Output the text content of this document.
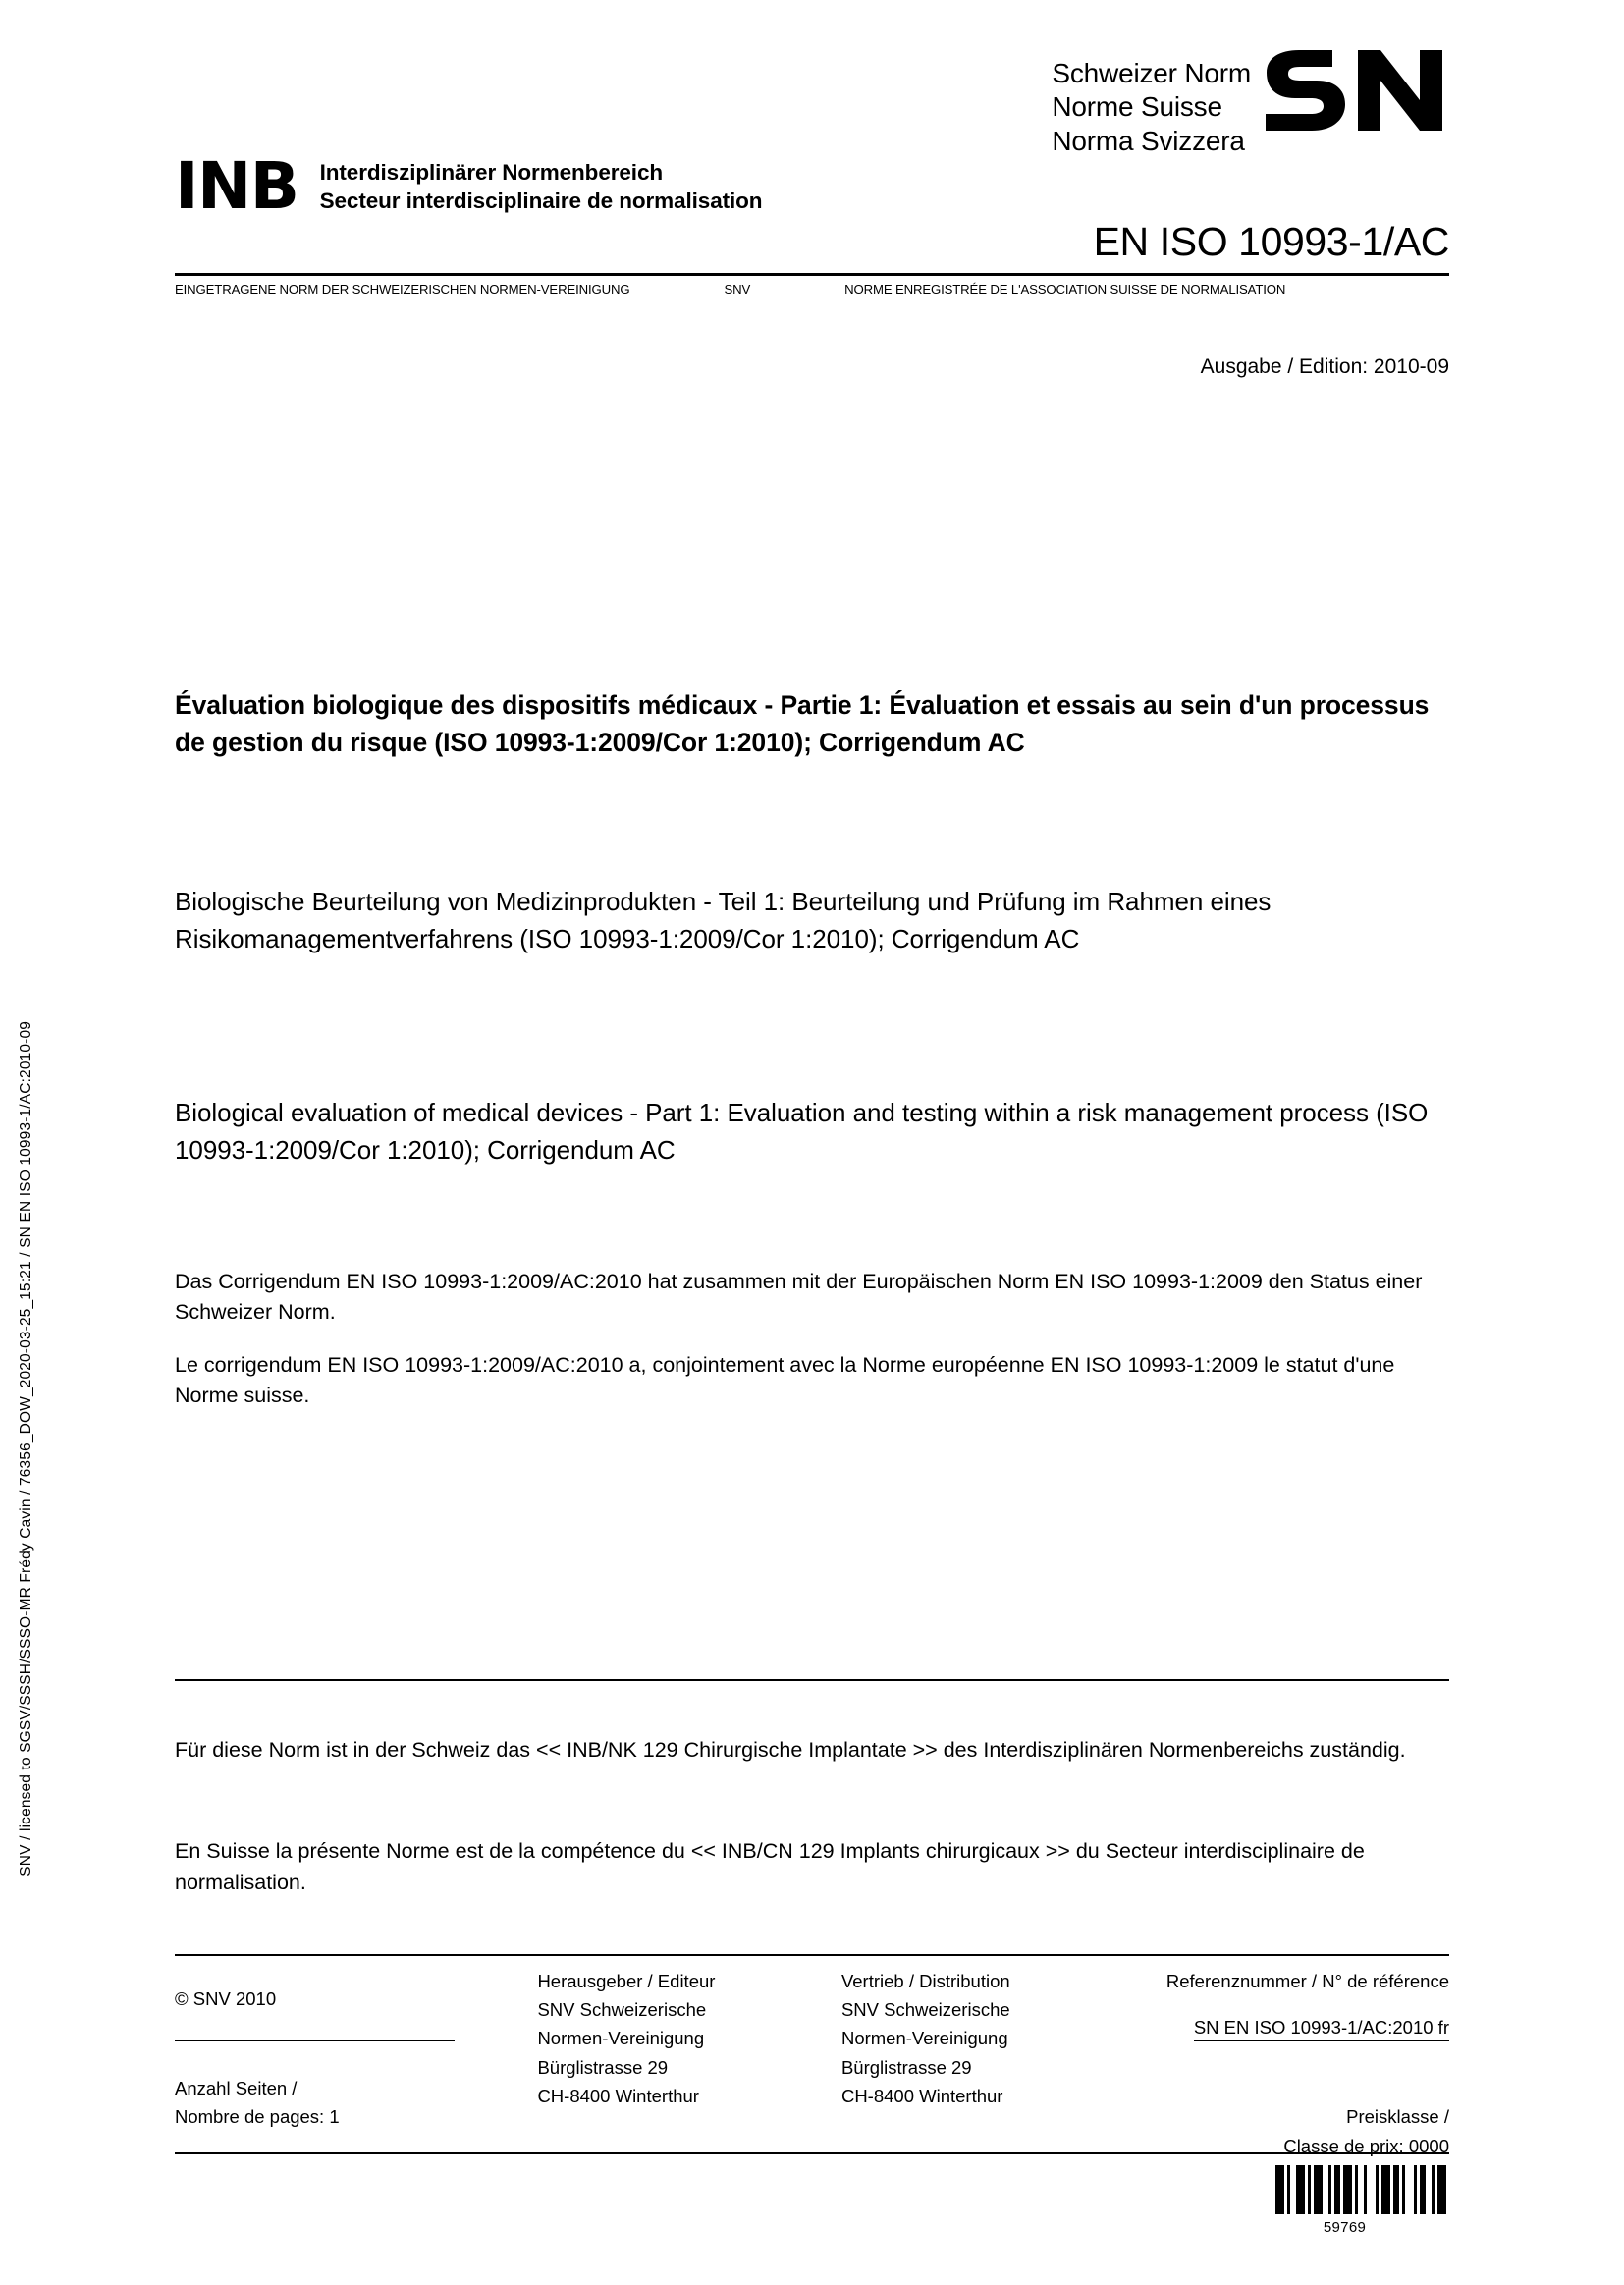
SNV / licensed to SGSV/SSSH/SSSO-MR Frédy Cavin / 76356_DOW_2020-03-25_15:21 / SN EN ISO 10993-1/AC:2010-09
Schweizer Norm
Norme Suisse
Norma Svizzera
INB Interdisziplinärer Normenbereich
Secteur interdisciplinaire de normalisation
EN ISO 10993-1/AC
EINGETRAGENE NORM DER SCHWEIZERISCHEN NORMEN-VEREINIGUNG	SNV	NORME ENREGISTRÉE DE L'ASSOCIATION SUISSE DE NORMALISATION
Ausgabe / Edition: 2010-09
Évaluation biologique des dispositifs médicaux - Partie 1: Évaluation et essais au sein d'un processus de gestion du risque (ISO 10993-1:2009/Cor 1:2010); Corrigendum AC
Biologische Beurteilung von Medizinprodukten - Teil 1: Beurteilung und Prüfung im Rahmen eines Risikomanagementverfahrens (ISO 10993-1:2009/Cor 1:2010); Corrigendum AC
Biological evaluation of medical devices - Part 1: Evaluation and testing within a risk management process (ISO 10993-1:2009/Cor 1:2010); Corrigendum AC
Das Corrigendum EN ISO 10993-1:2009/AC:2010 hat zusammen mit der Europäischen Norm EN ISO 10993-1:2009 den Status einer Schweizer Norm.
Le corrigendum EN ISO 10993-1:2009/AC:2010 a, conjointement avec la Norme européenne EN ISO 10993-1:2009 le statut d'une Norme suisse.
Für diese Norm ist in der Schweiz das << INB/NK 129 Chirurgische Implantate >> des Interdisziplinären Normenbereichs zuständig.
En Suisse la présente Norme est de la compétence du << INB/CN 129 Implants chirurgicaux >> du Secteur interdisciplinaire de normalisation.
© SNV 2010
Anzahl Seiten /
Nombre de pages: 1
Herausgeber / Editeur
SNV Schweizerische
Normen-Vereinigung
Bürglistrasse 29
CH-8400 Winterthur
Vertrieb / Distribution
SNV Schweizerische
Normen-Vereinigung
Bürglistrasse 29
CH-8400 Winterthur
Referenznummer / N° de référence
SN EN ISO 10993-1/AC:2010 fr
Preisklasse /
Classe de prix: 0000
59769
